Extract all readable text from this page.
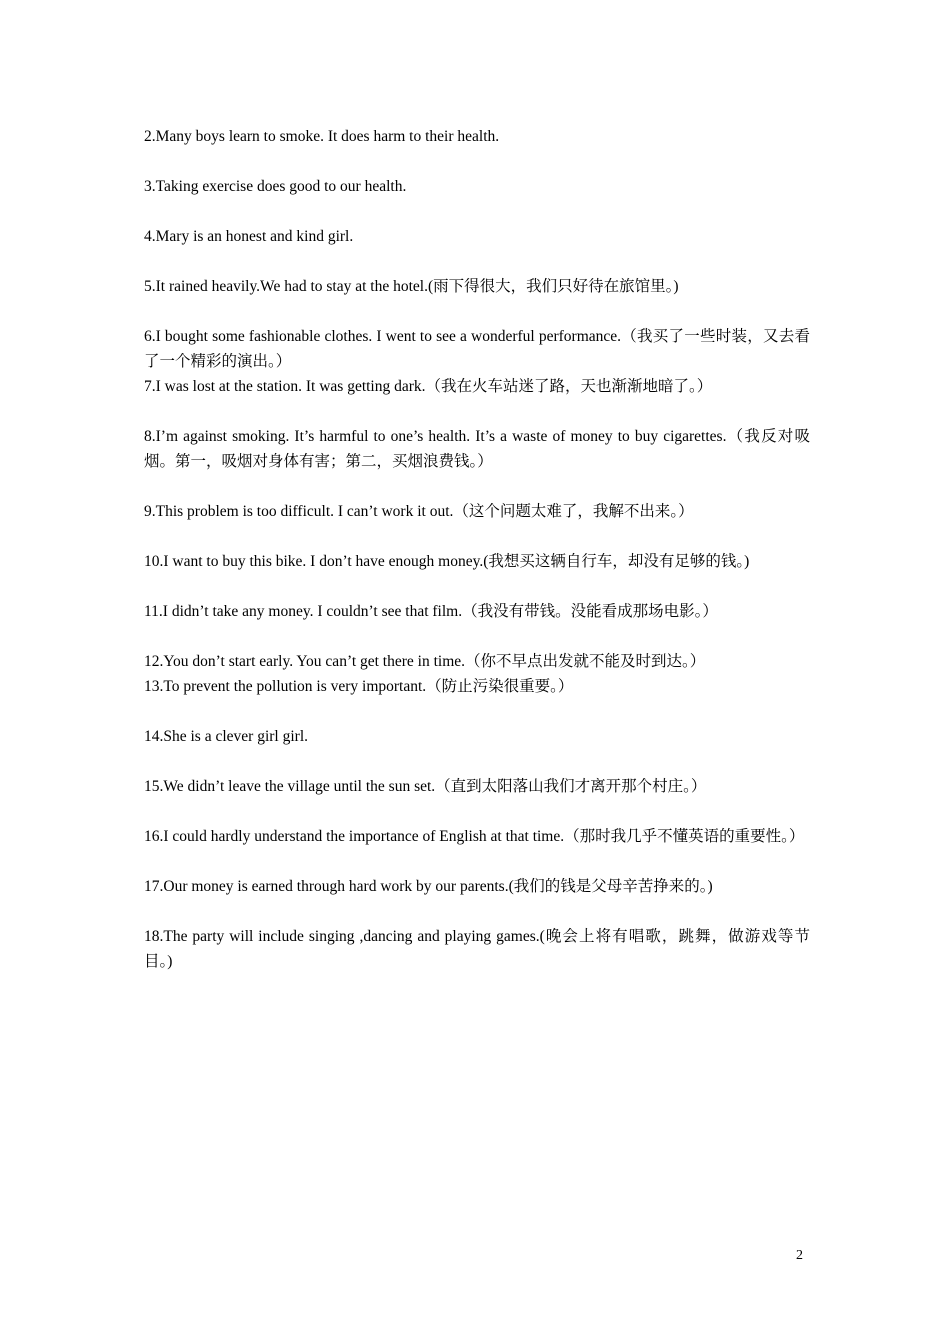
2.Many boys learn to smoke. It does harm to their health.

3.Taking exercise does good to our health.

4.Mary is an honest and kind girl.

5.It rained heavily.We had to stay at the hotel.(雨下得很大，我们只好待在旅馆里。)

6.I bought some fashionable clothes. I went to see a wonderful performance.（我买了一些时装，又去看了一个精彩的演出。）

7.I was lost at the station. It was getting dark.（我在火车站迷了路，天也渐渐地暗了。）

8.I’m against smoking. It’s harmful to one’s health. It’s a waste of money to buy cigarettes.（我反对吸烟。第一，吸烟对身体有害；第二，买烟浪费钱。）

9.This problem is too difficult. I can’t work it out.（这个问题太难了，我解不出来。）

10.I want to buy this bike. I don’t have enough money.(我想买这辆自行车，却没有足够的钱。)

11.I didn’t take any money. I couldn’t see that film.（我没有带钱。没能看成那场电影。）

12.You don’t start early. You can’t get there in time.（你不早点出发就不能及时到达。）

13.To prevent the pollution is very important.（防止污染很重要。）

14.She is a clever girl girl.

15.We didn’t leave the village until the sun set.（直到太阳落山我们才离开那个村庄。）

16.I could hardly understand the importance of English at that time.（那时我几乎不懂英语的重要性。）

17.Our money is earned through hard work by our parents.(我们的钱是父母辛苦挣来的。)

18.The party will include singing ,dancing and playing games.(晚会上将有唱歌，跳舞，做游戏等节目。)

2
